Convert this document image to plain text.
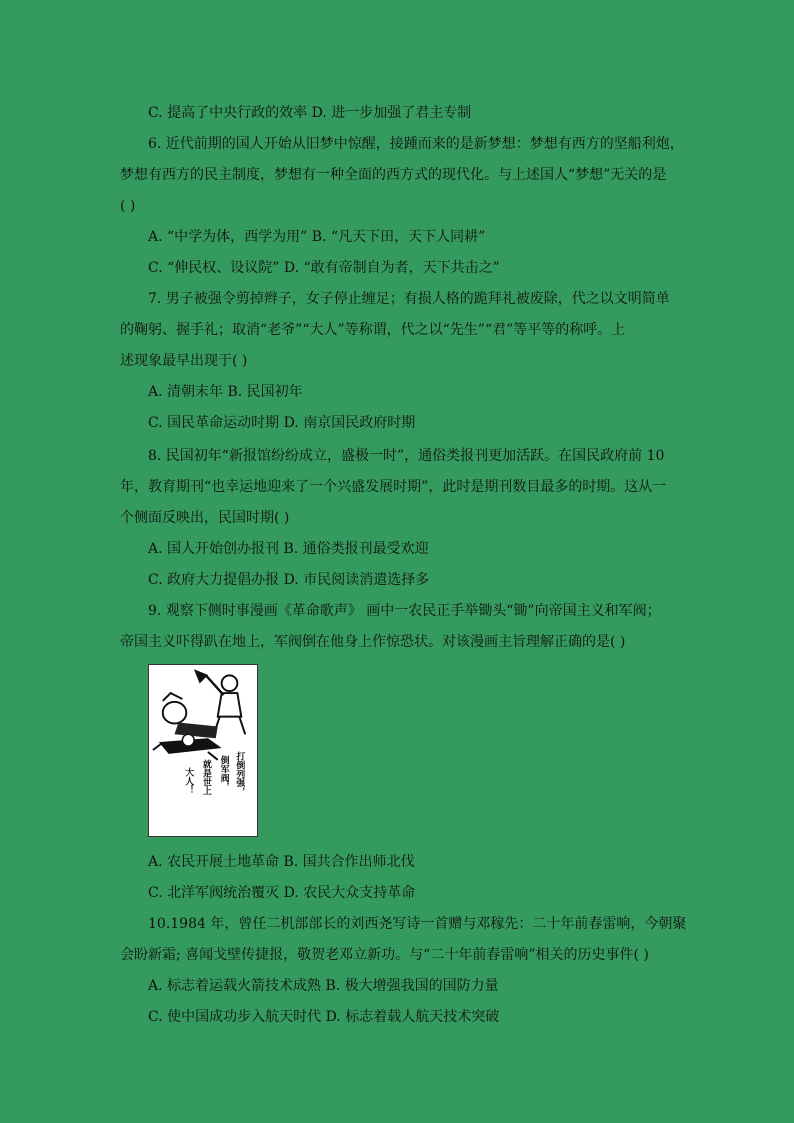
C. 提高了中央行政的效率 D. 进一步加强了君主专制
6. 近代前期的国人开始从旧梦中惊醒，接踵而来的是新梦想：梦想有西方的坚船利炮，
梦想有西方的民主制度，梦想有一种全面的西方式的现代化。与上述国人“梦想”无关的是
( )
A. “中学为体，西学为用” B. “凡天下田，天下人同耕”
C. “伸民权、设议院” D. “敢有帝制自为者，天下共击之”
7. 男子被强令剪掉辫子，女子停止缠足；有损人格的跪拜礼被废除，代之以文明简单
的鞠躬、握手礼；取消“老爷”“大人”等称谓，代之以“先生”“君”等平等的称呼。上
述现象最早出现于( )
A. 清朝末年 B. 民国初年
C. 国民革命运动时期 D. 南京国民政府时期
8. 民国初年“新报馆纷纷成立，盛极一时”，通俗类报刊更加活跃。在国民政府前 10
年，教育期刊“也幸运地迎来了一个兴盛发展时期”，此时是期刊数目最多的时期。这从一
个侧面反映出，民国时期( )
A. 国人开始创办报刊 B. 通俗类报刊最受欢迎
C. 政府大力提倡办报 D. 市民阅读消遣选择多
9. 观察下侧时事漫画《革命歌声》 画中一农民正手举锄头“锄”向帝国主义和军阀；
帝国主义吓得趴在地上，军阀倒在他身上作惊恐状。对该漫画主旨理解正确的是( )
打倒列强，
倒军阀，
就是世上
大人！
A. 农民开展土地革命 B. 国共合作出师北伐
C. 北洋军阀统治覆灭 D. 农民大众支持革命
10.1984 年，曾任二机部部长的刘西尧写诗一首赠与邓稼先：二十年前春雷响，今朝聚
会盼新霜; 喜闻戈壁传捷报，敬贺老邓立新功。与“二十年前春雷响”相关的历史事件( )
A. 标志着运载火箭技术成熟 B. 极大增强我国的国防力量
C. 使中国成功步入航天时代 D. 标志着载人航天技术突破
